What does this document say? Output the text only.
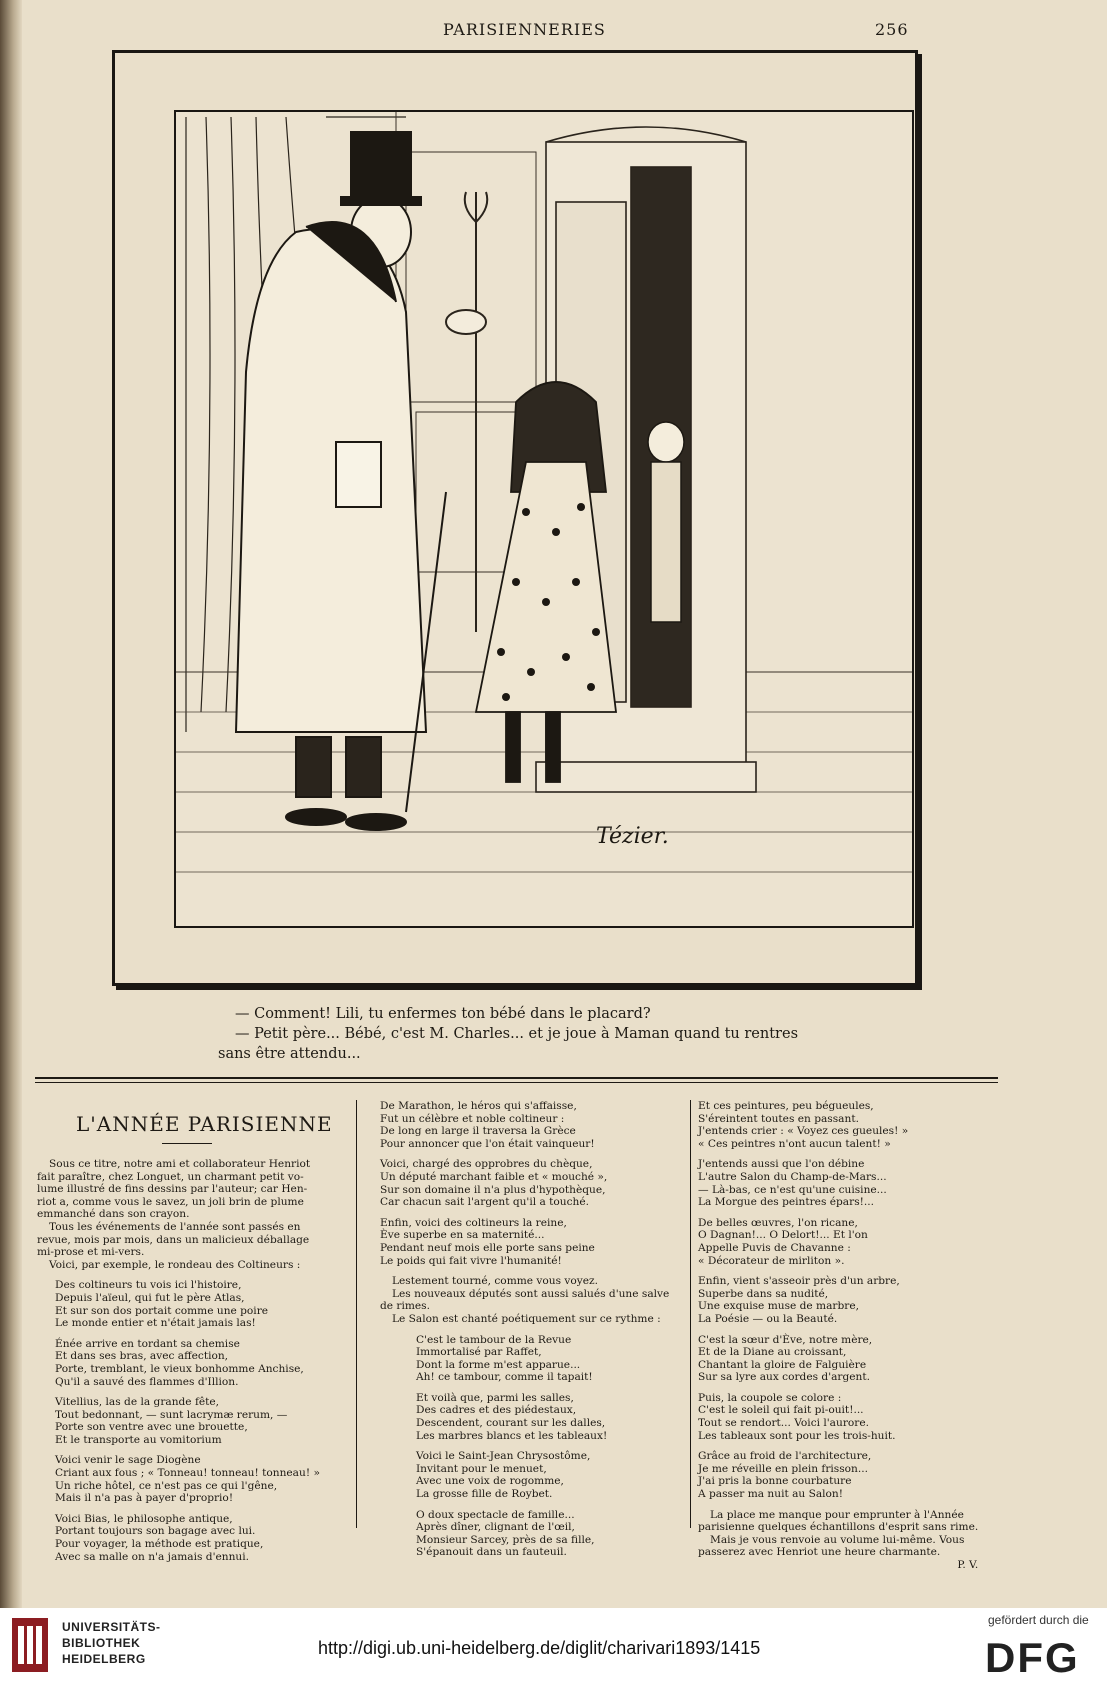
PARISIENNERIES	256
Tézier.
— Comment! Lili, tu enfermes ton bébé dans le placard?
— Petit père... Bébé, c'est M. Charles... et je joue à Maman quand tu rentres
sans être attendu...
L'ANNÉE PARISIENNE
Sous ce titre, notre ami et collaborateur Henriot
fait paraître, chez Longuet, un charmant petit vo-
lume illustré de fins dessins par l'auteur; car Hen-
riot a, comme vous le savez, un joli brin de plume
emmanché dans son crayon.
Tous les événements de l'année sont passés en
revue, mois par mois, dans un malicieux déballage
mi-prose et mi-vers.
Voici, par exemple, le rondeau des Coltineurs :
Des coltineurs tu vois ici l'histoire,
Depuis l'aïeul, qui fut le père Atlas,
Et sur son dos portait comme une poire
Le monde entier et n'était jamais las!
Énée arrive en tordant sa chemise
Et dans ses bras, avec affection,
Porte, tremblant, le vieux bonhomme Anchise,
Qu'il a sauvé des flammes d'Illion.
Vitellius, las de la grande fête,
Tout bedonnant, — sunt lacrymæ rerum, —
Porte son ventre avec une brouette,
Et le transporte au vomitorium
Voici venir le sage Diogène
Criant aux fous ; « Tonneau! tonneau! tonneau! »
Un riche hôtel, ce n'est pas ce qui l'gêne,
Mais il n'a pas à payer d'proprio!
Voici Bias, le philosophe antique,
Portant toujours son bagage avec lui.
Pour voyager, la méthode est pratique,
Avec sa malle on n'a jamais d'ennui.
De Marathon, le héros qui s'affaisse,
Fut un célèbre et noble coltineur :
De long en large il traversa la Grèce
Pour annoncer que l'on était vainqueur!
Voici, chargé des opprobres du chèque,
Un député marchant faible et « mouché »,
Sur son domaine il n'a plus d'hypothèque,
Car chacun sait l'argent qu'il a touché.
Enfin, voici des coltineurs la reine,
Ève superbe en sa maternité...
Pendant neuf mois elle porte sans peine
Le poids qui fait vivre l'humanité!
Lestement tourné, comme vous voyez.
Les nouveaux députés sont aussi salués d'une salve
de rimes.
Le Salon est chanté poétiquement sur ce rythme :
C'est le tambour de la Revue
Immortalisé par Raffet,
Dont la forme m'est apparue...
Ah! ce tambour, comme il tapait!
Et voilà que, parmi les salles,
Des cadres et des piédestaux,
Descendent, courant sur les dalles,
Les marbres blancs et les tableaux!
Voici le Saint-Jean Chrysostôme,
Invitant pour le menuet,
Avec une voix de rogomme,
La grosse fille de Roybet.
O doux spectacle de famille...
Après dîner, clignant de l'œil,
Monsieur Sarcey, près de sa fille,
S'épanouit dans un fauteuil.
Et ces peintures, peu bégueules,
S'éreintent toutes en passant.
J'entends crier : « Voyez ces gueules! »
« Ces peintres n'ont aucun talent! »
J'entends aussi que l'on débine
L'autre Salon du Champ-de-Mars...
— Là-bas, ce n'est qu'une cuisine...
La Morgue des peintres épars!...
De belles œuvres, l'on ricane,
O Dagnan!... O Delort!... Et l'on
Appelle Puvis de Chavanne :
« Décorateur de mirliton ».
Enfin, vient s'asseoir près d'un arbre,
Superbe dans sa nudité,
Une exquise muse de marbre,
La Poésie — ou la Beauté.
C'est la sœur d'Ève, notre mère,
Et de la Diane au croissant,
Chantant la gloire de Falguière
Sur sa lyre aux cordes d'argent.
Puis, la coupole se colore :
C'est le soleil qui fait pi-ouit!...
Tout se rendort... Voici l'aurore.
Les tableaux sont pour les trois-huit.
Grâce au froid de l'architecture,
Je me réveille en plein frisson...
J'ai pris la bonne courbature
A passer ma nuit au Salon!
La place me manque pour emprunter à l'Année
parisienne quelques échantillons d'esprit sans rime.
Mais je vous renvoie au volume lui-même. Vous
passerez avec Henriot une heure charmante.
P. V.
UNIVERSITÄTS-
BIBLIOTHEK
HEIDELBERG
http://digi.ub.uni-heidelberg.de/diglit/charivari1893/1415
gefördert durch die
DFG
